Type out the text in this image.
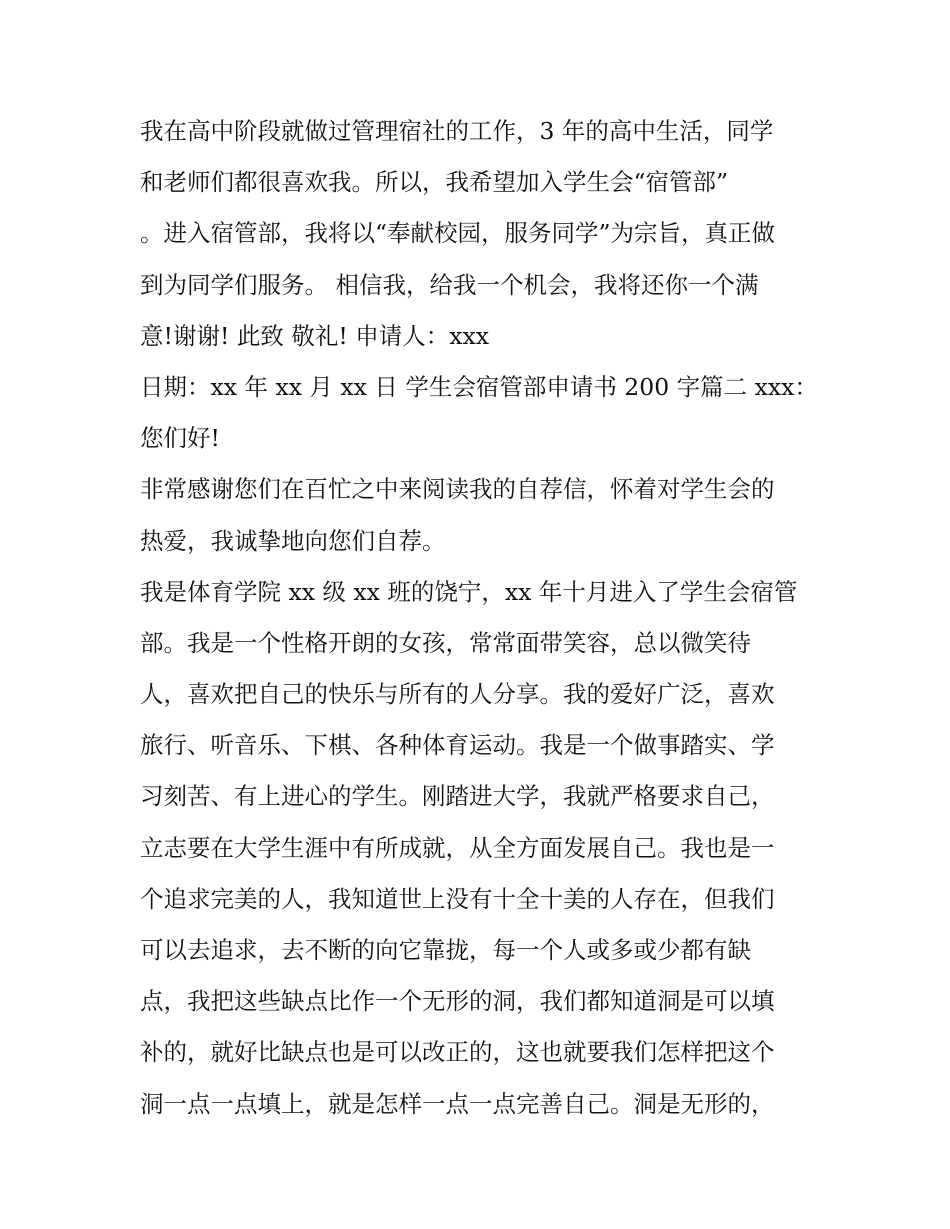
我在高中阶段就做过管理宿社的工作，3 年的高中生活，同学
和老师们都很喜欢我。所以，我希望加入学生会“宿管部”
。进入宿管部，我将以“奉献校园，服务同学”为宗旨，真正做
到为同学们服务。 相信我，给我一个机会，我将还你一个满
意!谢谢! 此致 敬礼! 申请人：xxx
日期：xx 年 xx 月 xx 日 学生会宿管部申请书 200 字篇二 xxx：
您们好!
非常感谢您们在百忙之中来阅读我的自荐信，怀着对学生会的
热爱，我诚挚地向您们自荐。
我是体育学院 xx 级 xx 班的饶宁，xx 年十月进入了学生会宿管
部。我是一个性格开朗的女孩，常常面带笑容，总以微笑待
人，喜欢把自己的快乐与所有的人分享。我的爱好广泛，喜欢
旅行、听音乐、下棋、各种体育运动。我是一个做事踏实、学
习刻苦、有上进心的学生。刚踏进大学，我就严格要求自己，
立志要在大学生涯中有所成就，从全方面发展自己。我也是一
个追求完美的人，我知道世上没有十全十美的人存在，但我们
可以去追求，去不断的向它靠拢，每一个人或多或少都有缺
点，我把这些缺点比作一个无形的洞，我们都知道洞是可以填
补的，就好比缺点也是可以改正的，这也就要我们怎样把这个
洞一点一点填上，就是怎样一点一点完善自己。洞是无形的，
